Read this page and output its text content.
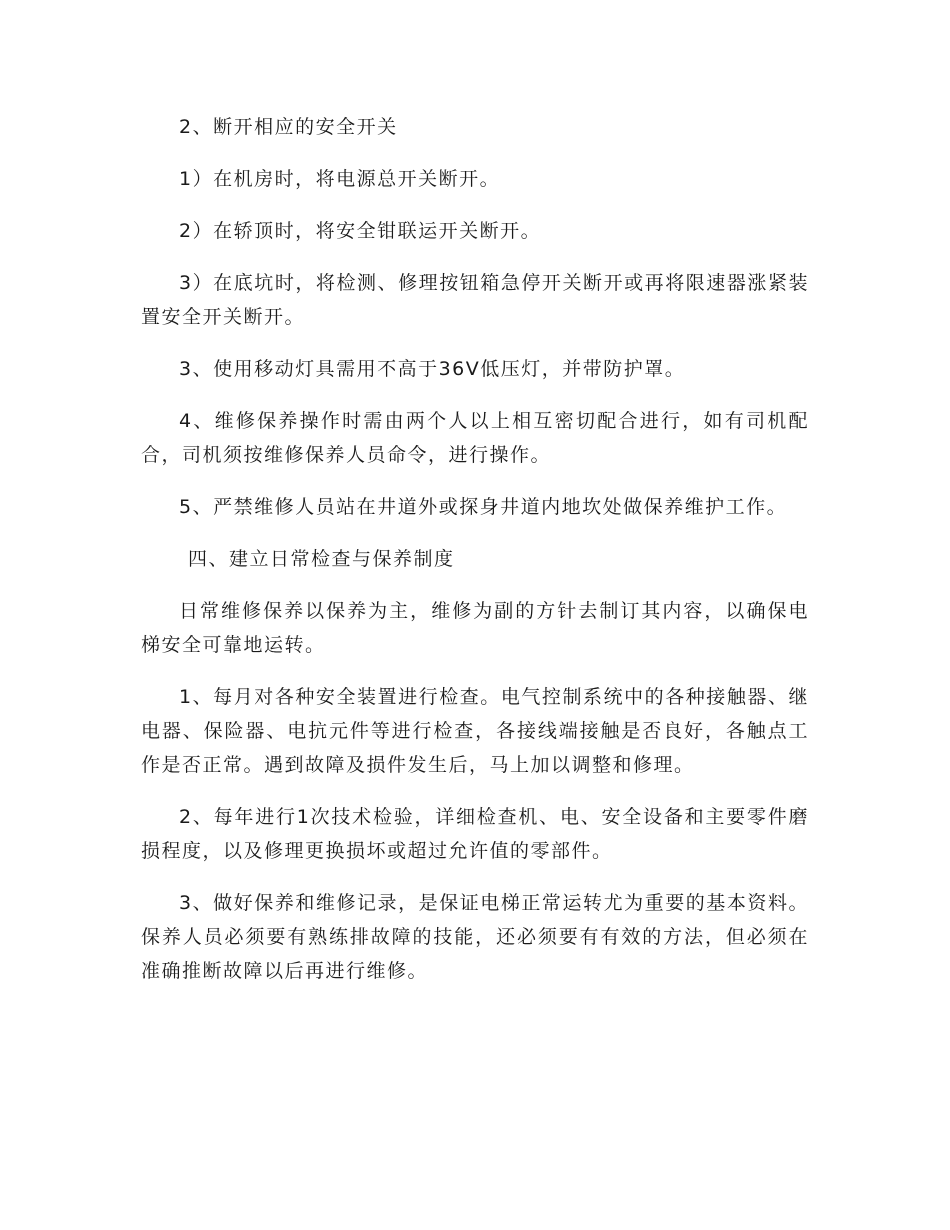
2、断开相应的安全开关

1）在机房时，将电源总开关断开。

2）在轿顶时，将安全钳联运开关断开。

3）在底坑时，将检测、修理按钮箱急停开关断开或再将限速器涨紧装置安全开关断开。

3、使用移动灯具需用不高于36V低压灯，并带防护罩。

4、维修保养操作时需由两个人以上相互密切配合进行，如有司机配合，司机须按维修保养人员命令，进行操作。

5、严禁维修人员站在井道外或探身井道内地坎处做保养维护工作。

四、建立日常检查与保养制度

日常维修保养以保养为主，维修为副的方针去制订其内容，以确保电梯安全可靠地运转。

1、每月对各种安全装置进行检查。电气控制系统中的各种接触器、继电器、保险器、电抗元件等进行检查，各接线端接触是否良好，各触点工作是否正常。遇到故障及损件发生后，马上加以调整和修理。

2、每年进行1次技术检验，详细检查机、电、安全设备和主要零件磨损程度，以及修理更换损坏或超过允许值的零部件。

3、做好保养和维修记录，是保证电梯正常运转尤为重要的基本资料。保养人员必须要有熟练排故障的技能，还必须要有有效的方法，但必须在准确推断故障以后再进行维修。
